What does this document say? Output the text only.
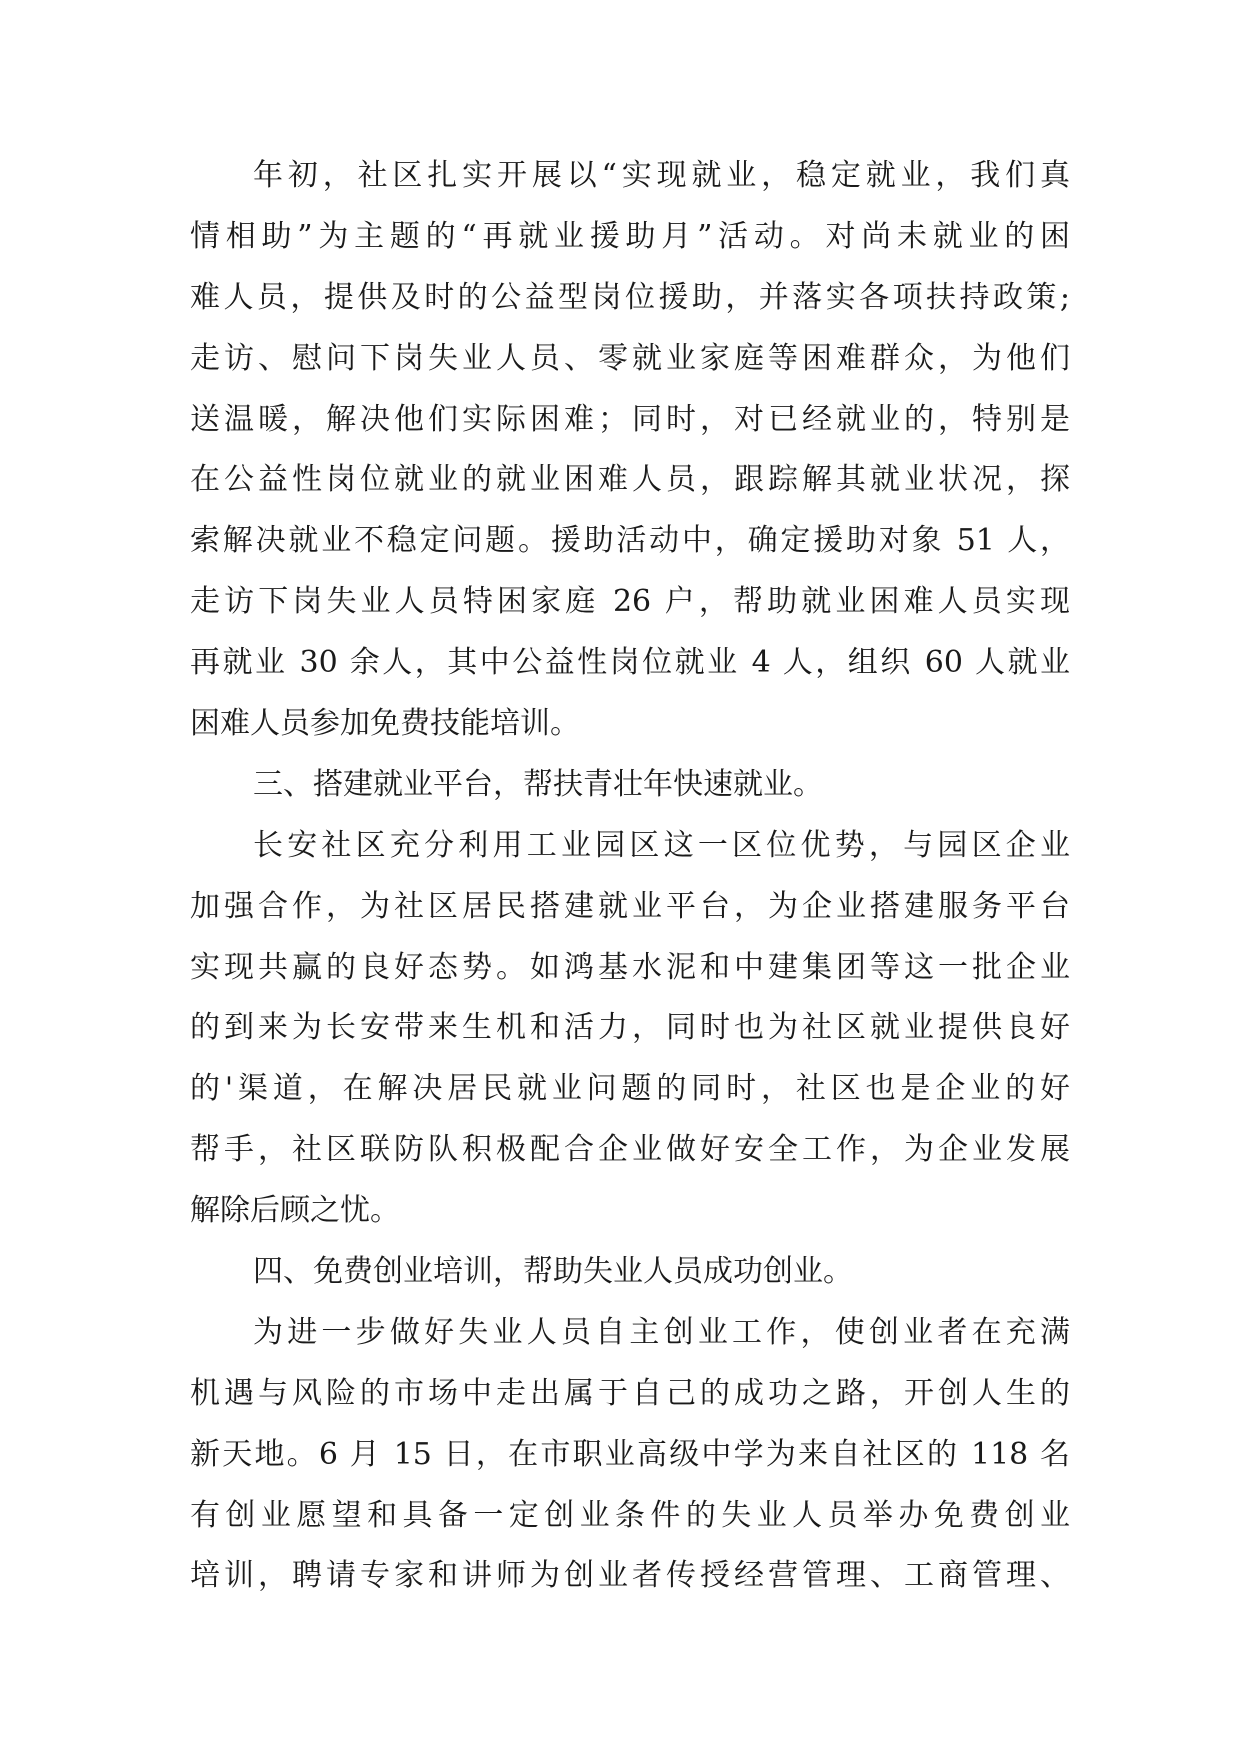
年初，社区扎实开展以“实现就业，稳定就业，我们真
情相助”为主题的“再就业援助月”活动。对尚未就业的困
难人员，提供及时的公益型岗位援助，并落实各项扶持政策;
走访、慰问下岗失业人员、零就业家庭等困难群众，为他们
送温暖，解决他们实际困难；同时，对已经就业的，特别是
在公益性岗位就业的就业困难人员，跟踪解其就业状况，探
索解决就业不稳定问题。援助活动中，确定援助对象 51 人，
走访下岗失业人员特困家庭 26 户，帮助就业困难人员实现
再就业 30 余人，其中公益性岗位就业 4 人，组织 60 人就业
困难人员参加免费技能培训。
三、搭建就业平台，帮扶青壮年快速就业。
长安社区充分利用工业园区这一区位优势，与园区企业
加强合作，为社区居民搭建就业平台，为企业搭建服务平台
实现共赢的良好态势。如鸿基水泥和中建集团等这一批企业
的到来为长安带来生机和活力，同时也为社区就业提供良好
的'渠道，在解决居民就业问题的同时，社区也是企业的好
帮手，社区联防队积极配合企业做好安全工作，为企业发展
解除后顾之忧。
四、免费创业培训，帮助失业人员成功创业。
为进一步做好失业人员自主创业工作，使创业者在充满
机遇与风险的市场中走出属于自己的成功之路，开创人生的
新天地。6 月 15 日，在市职业高级中学为来自社区的 118 名
有创业愿望和具备一定创业条件的失业人员举办免费创业
培训，聘请专家和讲师为创业者传授经营管理、工商管理、
